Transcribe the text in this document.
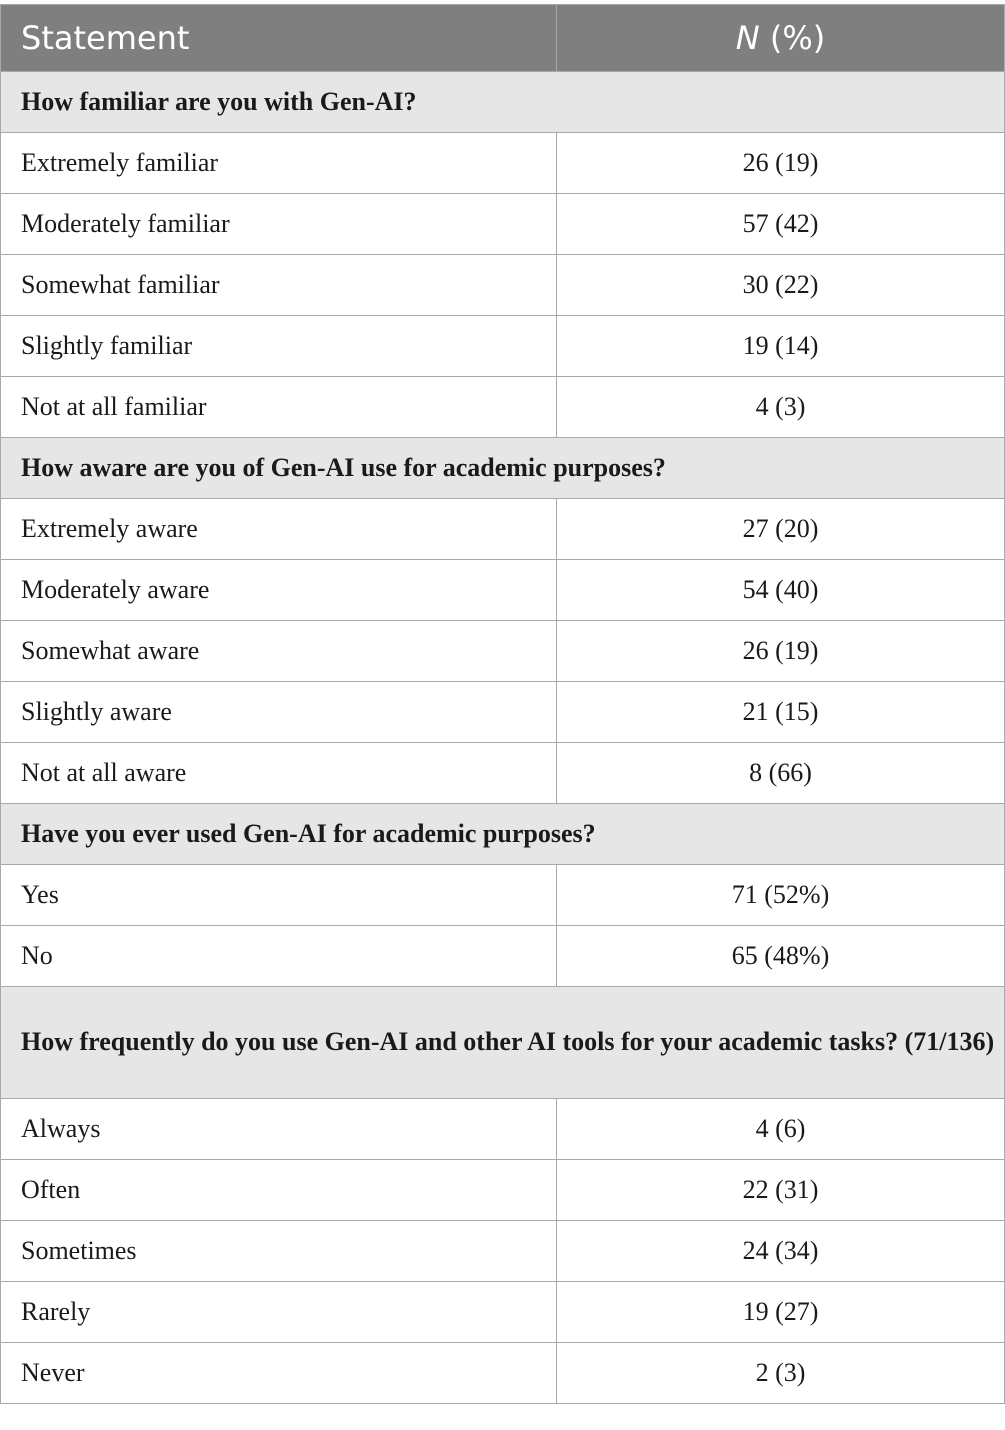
Statement	N (%)
How familiar are you with Gen-AI?	
Extremely familiar	26 (19)
Moderately familiar	57 (42)
Somewhat familiar	30 (22)
Slightly familiar	19 (14)
Not at all familiar	4 (3)
How aware are you of Gen-AI use for academic purposes?	
Extremely aware	27 (20)
Moderately aware	54 (40)
Somewhat aware	26 (19)
Slightly aware	21 (15)
Not at all aware	8 (66)
Have you ever used Gen-AI for academic purposes?	
Yes	71 (52%)
No	65 (48%)
How frequently do you use Gen-AI and other AI tools for your academic tasks? (71/136)	
Always	4 (6)
Often	22 (31)
Sometimes	24 (34)
Rarely	19 (27)
Never	2 (3)
